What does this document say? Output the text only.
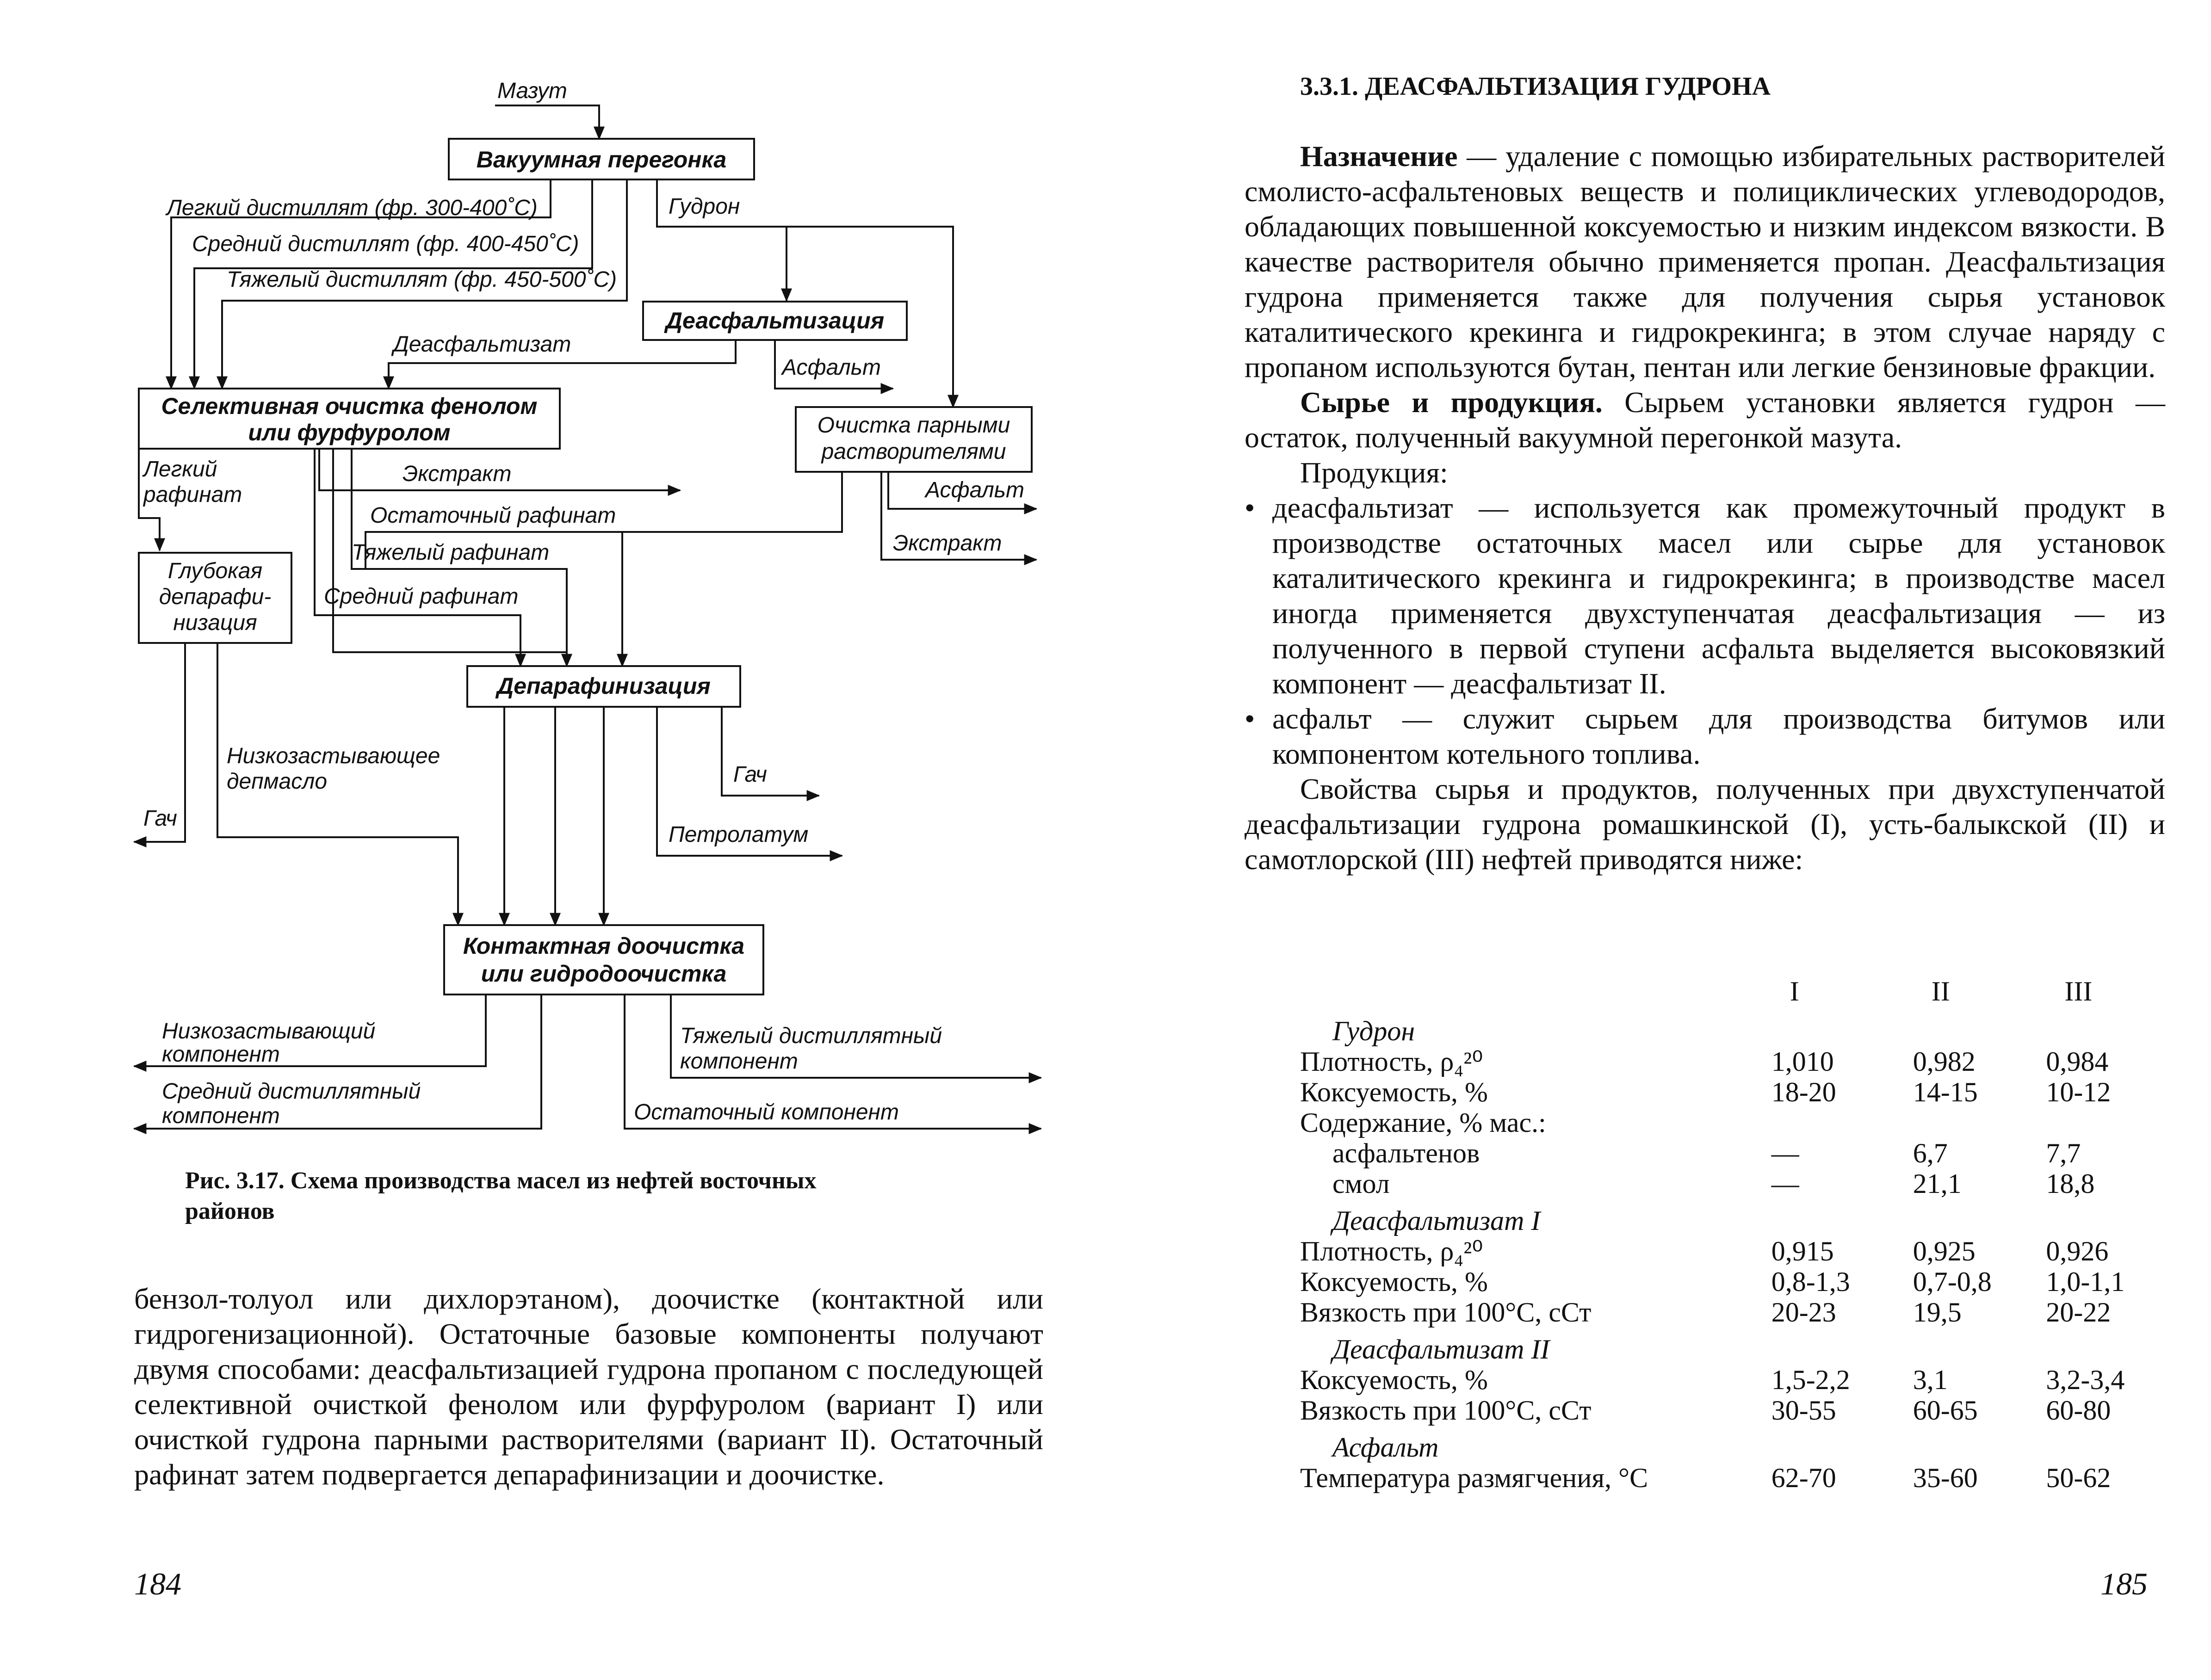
Вакуумная перегонка
Деасфальтизация
Селективная очистка фенолом
или фурфуролом	Очистка парными
растворителями
Глубокая
депарафи-
низация
Депарафинизация
Контактная доочистка
или гидродоочистка
Мазут
Легкий дистиллят (фр. 300-400˚С)
Средний дистиллят (фр. 400-450˚С)
Тяжелый дистиллят (фр. 450-500˚С)
Гудрон
Деасфальтизат
Асфальт
Легкий
рафинат
Экстракт
Остаточный рафинат
Асфальт
Экстракт
Тяжелый рафинат
Средний рафинат
Низкозастывающее
депмасло
Гач
Гач
Петролатум
Низкозастывающий
компонент
Тяжелый дистиллятный
компонент
Средний дистиллятный
компонент	Остаточный компонент
Рис. 3.17. Схема производства масел из нефтей восточных
районов

бензол-толуол или дихлорэтаном), доочистке (контактной или гидрогенизационной). Остаточные базовые компоненты получают двумя способами: деасфальтизацией гудрона пропаном с последующей селективной очисткой фенолом или фурфуролом (вариант I) или очисткой гудрона парными растворителями (вариант II). Остаточный рафинат затем подвергается депарафинизации и доочистке.

184
3.3.1. ДЕАСФАЛЬТИЗАЦИЯ ГУДРОНА

Назначение — удаление с помощью избирательных растворителей смолисто-асфальтеновых веществ и полициклических углеводородов, обладающих повышенной коксуемостью и низким индексом вязкости. В качестве растворителя обычно применяется пропан. Деасфальтизация гудрона применяется также для получения сырья установок каталитического крекинга и гидрокрекинга; в этом случае наряду с пропаном используются бутан, пентан или легкие бензиновые фракции.

Сырье и продукция. Сырьем установки является гудрон — остаток, полученный вакуумной перегонкой мазута.

Продукция:

• деасфальтизат — используется как промежуточный продукт в производстве остаточных масел или сырье для установок каталитического крекинга и гидрокрекинга; в производстве масел иногда применяется двухступенчатая деасфальтизация — из полученного в первой ступени асфальта выделяется высоковязкий компонент — деасфальтизат II.
• асфальт — служит сырьем для производства битумов или компонентом котельного топлива.

Свойства сырья и продуктов, полученных при двухступенчатой деасфальтизации гудрона ромашкинской (I), усть-балыкской (II) и самотлорской (III) нефтей приводятся ниже:

	I	II	III
Гудрон			
Плотность, ρ₄²⁰	1,010	0,982	0,984
Коксуемость, %	18-20	14-15	10-12
Содержание, % мас.:			
асфальтенов	—	6,7	7,7
смол	—	21,1	18,8
Деасфальтизат I			
Плотность, ρ₄²⁰	0,915	0,925	0,926
Коксуемость, %	0,8-1,3	0,7-0,8	1,0-1,1
Вязкость при 100°С, сСт	20-23	19,5	20-22
Деасфальтизат II			
Коксуемость, %	1,5-2,2	3,1	3,2-3,4
Вязкость при 100°С, сСт	30-55	60-65	60-80
Асфальт			
Температура размягчения, °С	62-70	35-60	50-62
185
